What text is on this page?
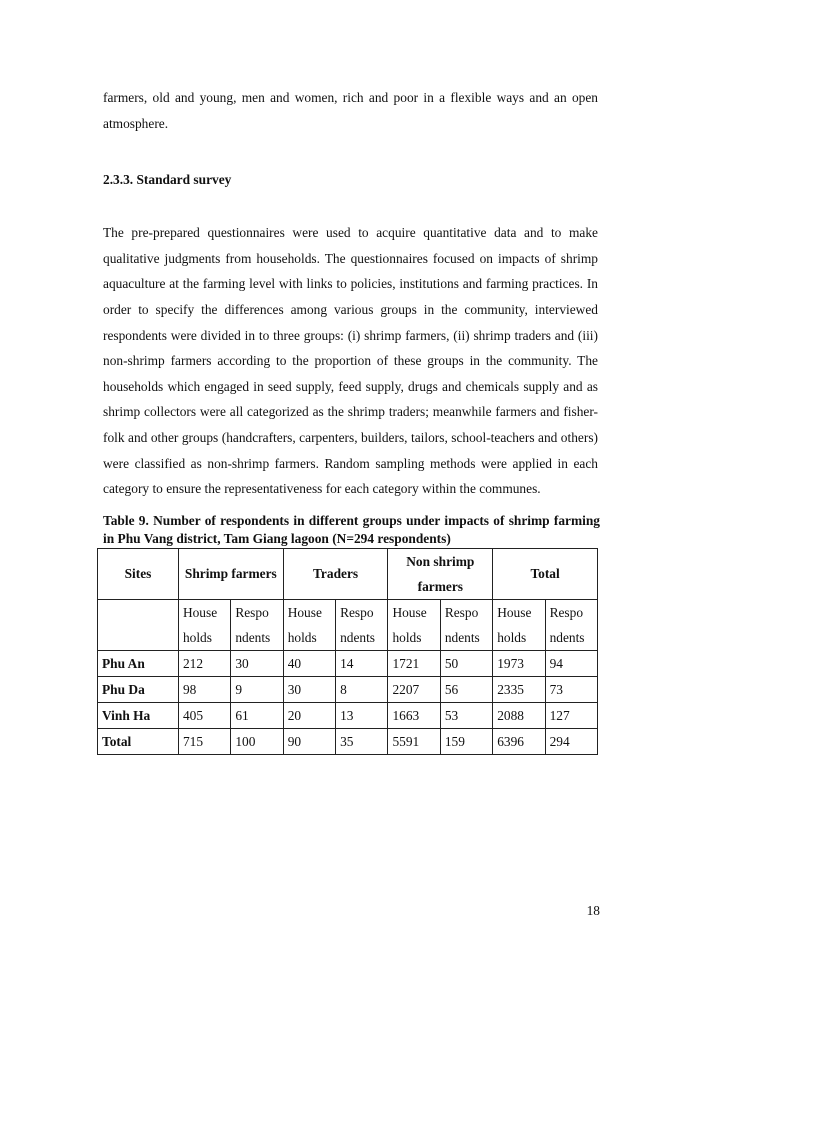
farmers, old and young, men and women, rich and poor in a flexible ways and an open atmosphere.

2.3.3. Standard survey

The pre-prepared questionnaires were used to acquire quantitative data and to make qualitative judgments from households. The questionnaires focused on impacts of shrimp aquaculture at the farming level with links to policies, institutions and farming practices. In order to specify the differences among various groups in the community, interviewed respondents were divided in to three groups: (i) shrimp farmers, (ii) shrimp traders and (iii) non-shrimp farmers according to the proportion of these groups in the community. The households which engaged in seed supply, feed supply, drugs and chemicals supply and as shrimp collectors were all categorized as the shrimp traders; meanwhile farmers and fisher-folk and other groups (handcrafters, carpenters, builders, tailors, school-teachers and others) were classified as non-shrimp farmers. Random sampling methods were applied in each category to ensure the representativeness for each category within the communes.

Table 9. Number of respondents in different groups under impacts of shrimp farming in Phu Vang district, Tam Giang lagoon (N=294 respondents)

Sites	Shrimp farmers		Traders		Non shrimp farmers		Total	
	House holds	Respo ndents	House holds	Respo ndents	House holds	Respo ndents	House holds	Respo ndents
Phu An	212	30	40	14	1721	50	1973	94
Phu Da	98	9	30	8	2207	56	2335	73
Vinh Ha	405	61	20	13	1663	53	2088	127
Total	715	100	90	35	5591	159	6396	294
18
